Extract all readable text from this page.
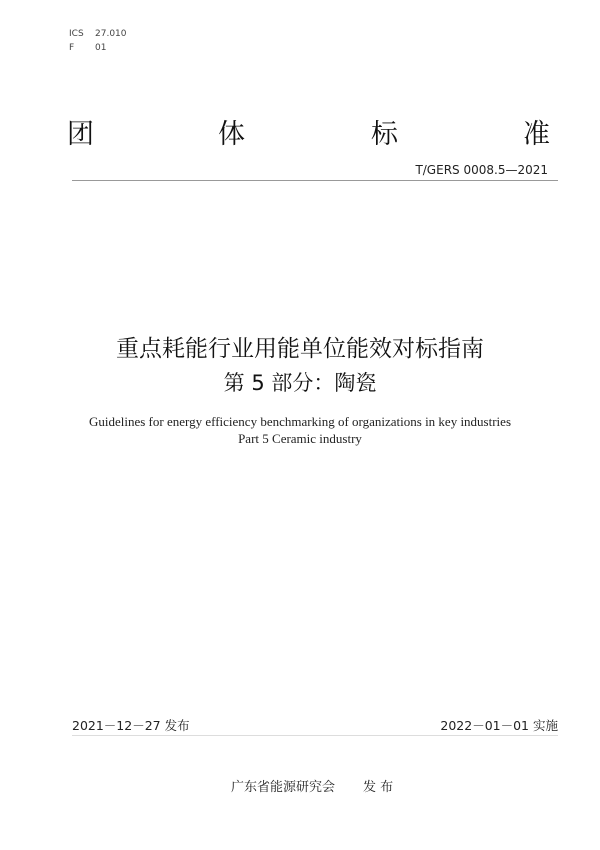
ICS 27.010
F 01
团	体	标	准
T/GERS 0008.5—2021
重点耗能行业用能单位能效对标指南
第 5 部分：陶瓷
Guidelines for energy efficiency benchmarking of organizations in key industries
Part 5 Ceramic industry
2021－12－27 发布	2022－01－01 实施
广东省能源研究会 发 布
